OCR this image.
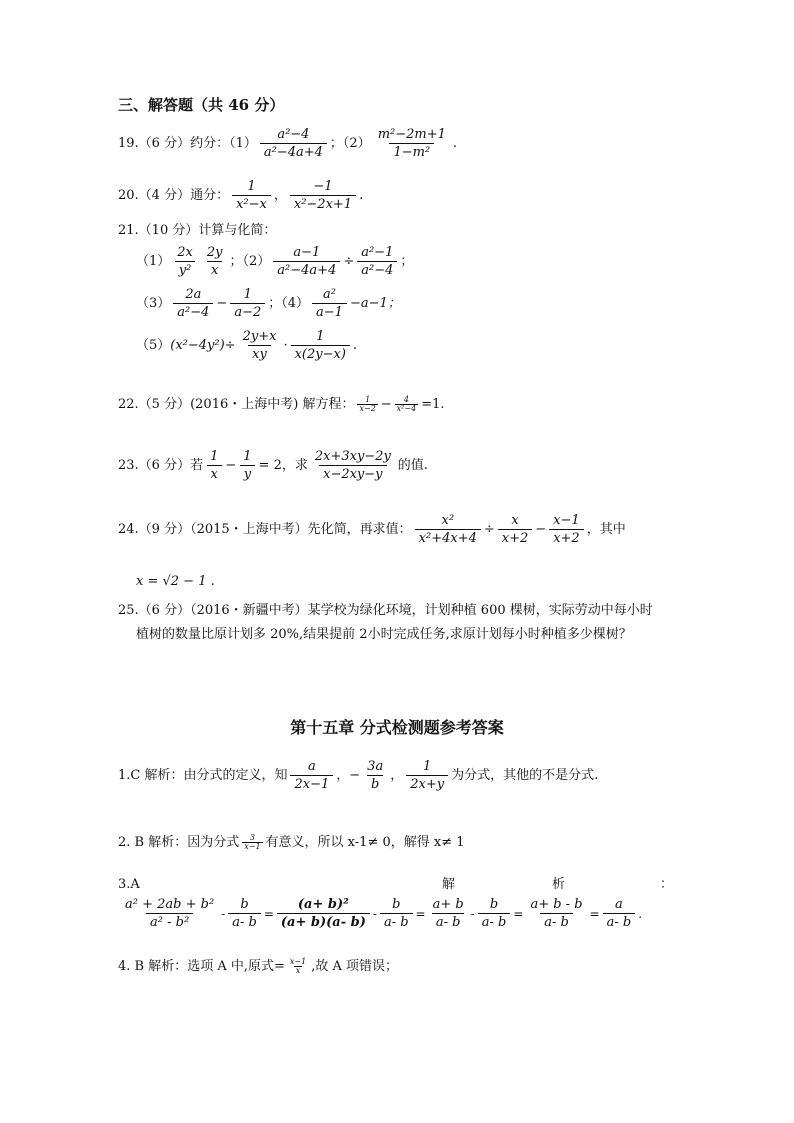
三、解答题（共 46 分）
19.（6 分）约分：$(1) \frac{\text{a²−4}}{\text{a²−4a+4}}$ ；$(2) \frac{\text{m²−2m+1}}{\text{1−m²}}$ .
20.（4 分）通分： $\frac{1}{\text{x²−x}}$ ， $\frac{-1}{\text{x²−2x+1}}$ .
21.（10 分）计算与化简：
$(1) \frac{2x}{\text{y²}} \frac{2y}{x}$ ；$(2) \frac{a-1}{\text{a²−4a+4}} \div \frac{\text{a²−1}}{\text{a²−4}}$ ；
$(3) \frac{2a}{\text{a²−4}} - \frac{1}{a-2}$ ；$(4) \frac{\text{a²}}{a-1} -a-1$；
（5） $(x^2-4y^2)\div \frac{2y+x}{xy} \cdot \frac{1}{x(2y-x)}$ .
22.（5 分）(2016・上海中考) 解方程： $\frac{1}{x-2} - \frac{4}{\text{x²−4}} =1$.
23.（6 分）若 $\frac{1}{x} - \frac{1}{y} = 2$，求 $\frac{2x+3xy-2y}{x-2xy-y}$ 的值.
24.（9 分）（2015・上海中考）先化简，再求值： $\frac{\text{x²}}{\text{x²+4x+4}} \div \frac{x}{x+2} - \frac{x-1}{x+2}$ ，其中
x = √2 − 1 .
25.（6 分）（2016・新疆中考）某学校为绿化环境，计划种植 600 棵树，实际劳动中每小时
植树的数量比原计划多 20%,结果提前 2小时完成任务,求原计划每小时种植多少棵树？
第十五章 分式检测题参考答案
1.C 解析：由分式的定义，知 $\frac{a}{2x-1}$ ，− $\frac{3a}{b}$ ， $\frac{1}{2x+y}$ 为分式，其他的不是分式.
2. B 解析：因为分式 $\frac{3}{x-1}$ 有意义，所以 x-1≠ 0，解得 x≠ 1
3.A	解	析	：
$\frac{\text{a² + 2ab + b²}}{\text{a² - b²}} - \frac{b}{a- b} = \frac{\text{(a+ b)²}}{(a+ b)(a- b)} - \frac{b}{a- b} = \frac{a+ b}{a- b} - \frac{b}{a- b} = \frac{a+ b - b}{a- b} = \frac{a}{a- b}$ .
4. B 解析：选项 A 中,原式= $\frac{x-1}{x}$ ,故 A 项错误；
